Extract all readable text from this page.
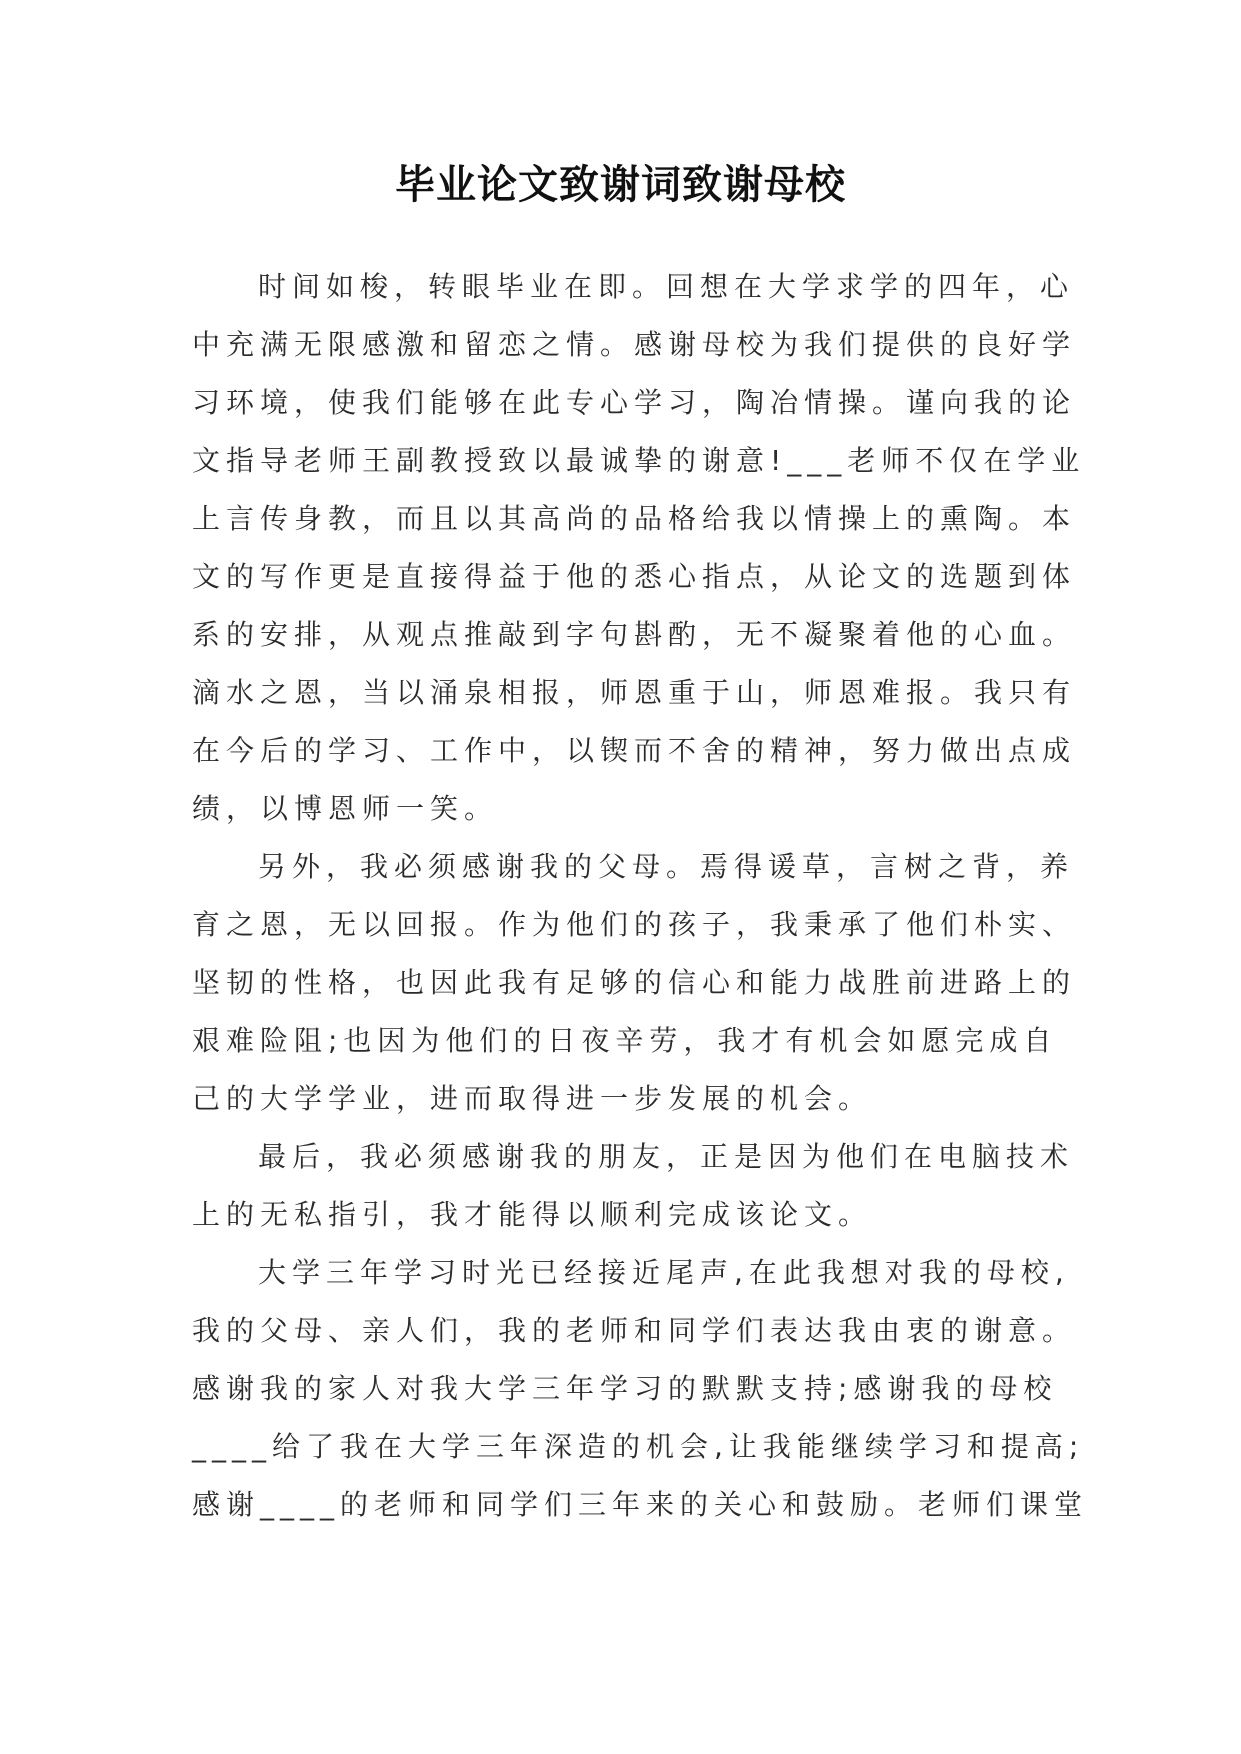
毕业论文致谢词致谢母校
时间如梭，转眼毕业在即。回想在大学求学的四年，心
中充满无限感激和留恋之情。感谢母校为我们提供的良好学
习环境，使我们能够在此专心学习，陶冶情操。谨向我的论
文指导老师王副教授致以最诚挚的谢意!___老师不仅在学业
上言传身教，而且以其高尚的品格给我以情操上的熏陶。本
文的写作更是直接得益于他的悉心指点，从论文的选题到体
系的安排，从观点推敲到字句斟酌，无不凝聚着他的心血。
滴水之恩，当以涌泉相报，师恩重于山，师恩难报。我只有
在今后的学习、工作中，以锲而不舍的精神，努力做出点成
绩，以博恩师一笑。
另外，我必须感谢我的父母。焉得谖草，言树之背，养
育之恩，无以回报。作为他们的孩子，我秉承了他们朴实、
坚韧的性格，也因此我有足够的信心和能力战胜前进路上的
艰难险阻;也因为他们的日夜辛劳，我才有机会如愿完成自
己的大学学业，进而取得进一步发展的机会。
最后，我必须感谢我的朋友，正是因为他们在电脑技术
上的无私指引，我才能得以顺利完成该论文。
大学三年学习时光已经接近尾声,在此我想对我的母校,
我的父母、亲人们，我的老师和同学们表达我由衷的谢意。
感谢我的家人对我大学三年学习的默默支持;感谢我的母校
____给了我在大学三年深造的机会,让我能继续学习和提高;
感谢____的老师和同学们三年来的关心和鼓励。老师们课堂
